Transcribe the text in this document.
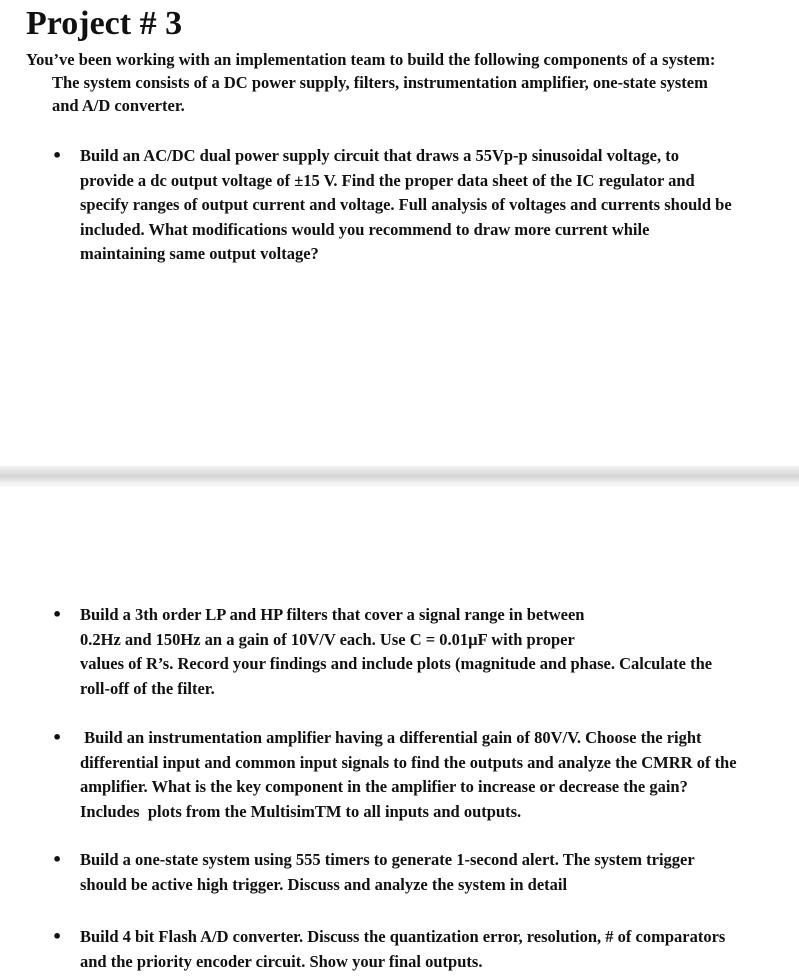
Project # 3
You’ve been working with an implementation team to build the following components of a system:
The system consists of a DC power supply, filters, instrumentation amplifier, one-state system
and A/D converter.
•	Build an AC/DC dual power supply circuit that draws a 55Vp-p sinusoidal voltage, to
provide a dc output voltage of ±15 V. Find the proper data sheet of the IC regulator and
specify ranges of output current and voltage. Full analysis of voltages and currents should be
included. What modifications would you recommend to draw more current while
maintaining same output voltage?
•	Build a 3th order LP and HP filters that cover a signal range in between
0.2Hz and 150Hz an a gain of 10V/V each. Use C = 0.01µF with proper
values of R’s. Record your findings and include plots (magnitude and phase. Calculate the
roll-off of the filter.
•	Build an instrumentation amplifier having a differential gain of 80V/V. Choose the right
differential input and common input signals to find the outputs and analyze the CMRR of the
amplifier. What is the key component in the amplifier to increase or decrease the gain?
Includes  plots from the MultisimTM to all inputs and outputs.
•	Build a one-state system using 555 timers to generate 1-second alert. The system trigger
should be active high trigger. Discuss and analyze the system in detail
•	Build 4 bit Flash A/D converter. Discuss the quantization error, resolution, # of comparators
and the priority encoder circuit. Show your final outputs.
